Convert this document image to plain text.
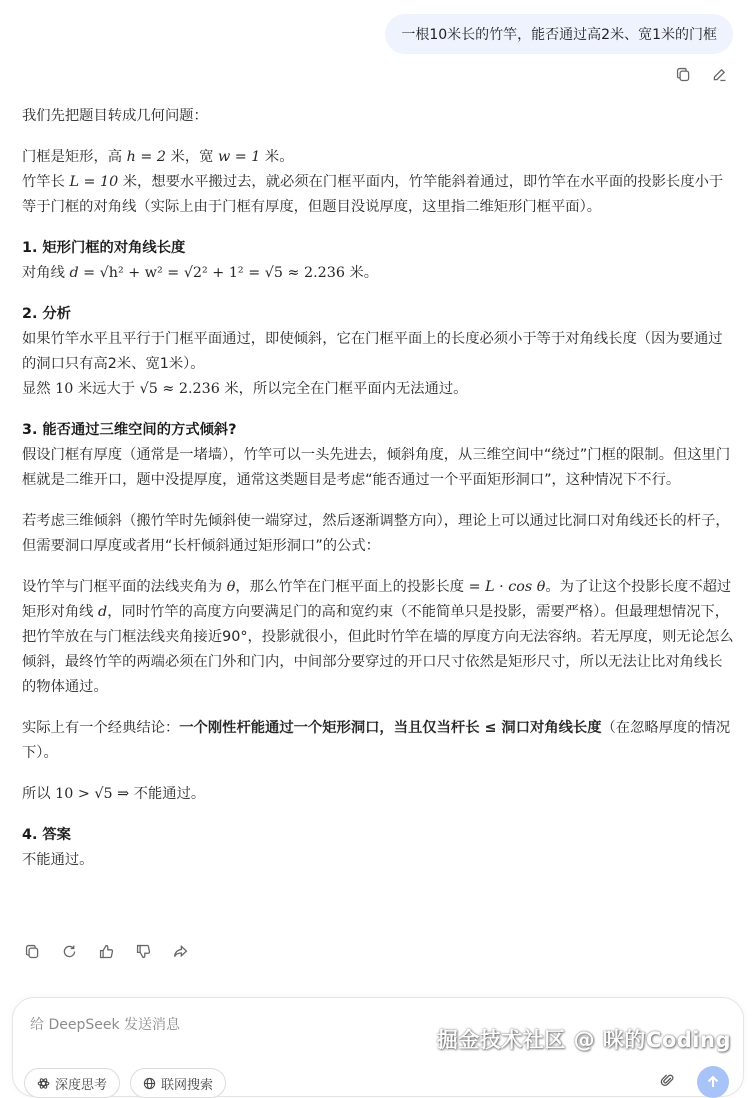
一根10米长的竹竿，能否通过高2米、宽1米的门框

我们先把题目转成几何问题：

门框是矩形，高 h = 2 米，宽 w = 1 米。

竹竿长 L = 10 米，想要水平搬过去，就必须在门框平面内，竹竿能斜着通过，即竹竿在水平面的投影长度小于等于门框的对角线（实际上由于门框有厚度，但题目没说厚度，这里指二维矩形门框平面）。

1. 矩形门框的对角线长度

对角线 d = √h² + w² = √2² + 1² = √5 ≈ 2.236 米。

2. 分析

如果竹竿水平且平行于门框平面通过，即使倾斜，它在门框平面上的长度必须小于等于对角线长度（因为要通过的洞口只有高2米、宽1米）。

显然 10 米远大于 √5 ≈ 2.236 米，所以完全在门框平面内无法通过。

3. 能否通过三维空间的方式倾斜?

假设门框有厚度（通常是一堵墙），竹竿可以一头先进去，倾斜角度，从三维空间中“绕过”门框的限制。但这里门框就是二维开口，题中没提厚度，通常这类题目是考虑“能否通过一个平面矩形洞口”，这种情况下不行。

若考虑三维倾斜（搬竹竿时先倾斜使一端穿过，然后逐渐调整方向），理论上可以通过比洞口对角线还长的杆子，但需要洞口厚度或者用“长杆倾斜通过矩形洞口”的公式：

设竹竿与门框平面的法线夹角为 θ，那么竹竿在门框平面上的投影长度 = L · cos θ。为了让这个投影长度不超过矩形对角线 d，同时竹竿的高度方向要满足门的高和宽约束（不能简单只是投影，需要严格）。但最理想情况下，把竹竿放在与门框法线夹角接近90°，投影就很小，但此时竹竿在墙的厚度方向无法容纳。若无厚度，则无论怎么倾斜，最终竹竿的两端必须在门外和门内，中间部分要穿过的开口尺寸依然是矩形尺寸，所以无法让比对角线长的物体通过。

实际上有一个经典结论：一个刚性杆能通过一个矩形洞口，当且仅当杆长 ≤ 洞口对角线长度（在忽略厚度的情况下）。

所以 10 > √5 ⇒ 不能通过。

4. 答案

不能通过。

给 DeepSeek 发送消息
深度思考	联网搜索
掘金技术社区 @ 咪的Coding
